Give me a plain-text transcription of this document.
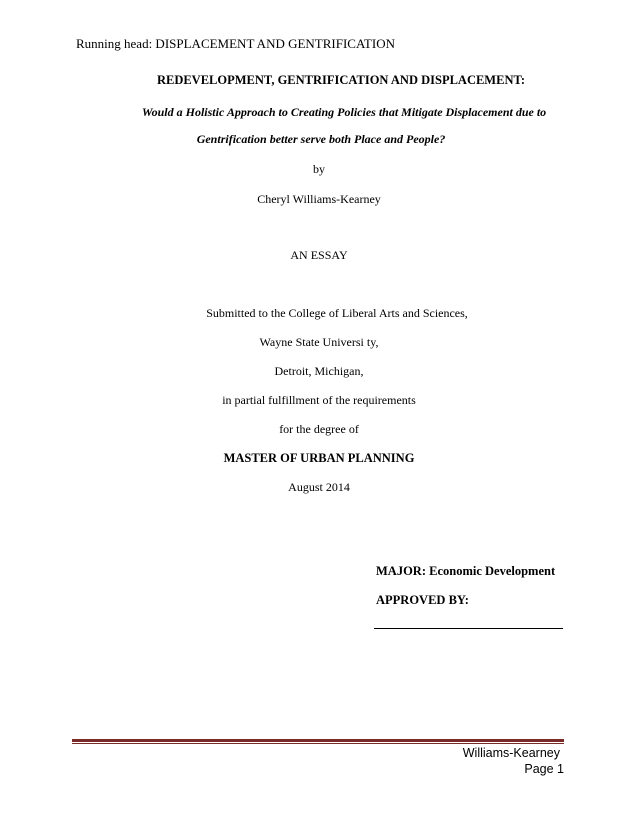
Running head: DISPLACEMENT AND GENTRIFICATION
REDEVELOPMENT, GENTRIFICATION AND DISPLACEMENT:
Would a Holistic Approach to Creating Policies that Mitigate Displacement due to
Gentrification better serve both Place and People?
by
Cheryl Williams-Kearney
AN ESSAY
Submitted to the College of Liberal Arts and Sciences,
Wayne State Universi ty,
Detroit, Michigan,
in partial fulfillment of the requirements
for the degree of
MASTER OF URBAN PLANNING
August 2014
MAJOR: Economic Development
APPROVED BY:
Williams-Kearney
Page 1
